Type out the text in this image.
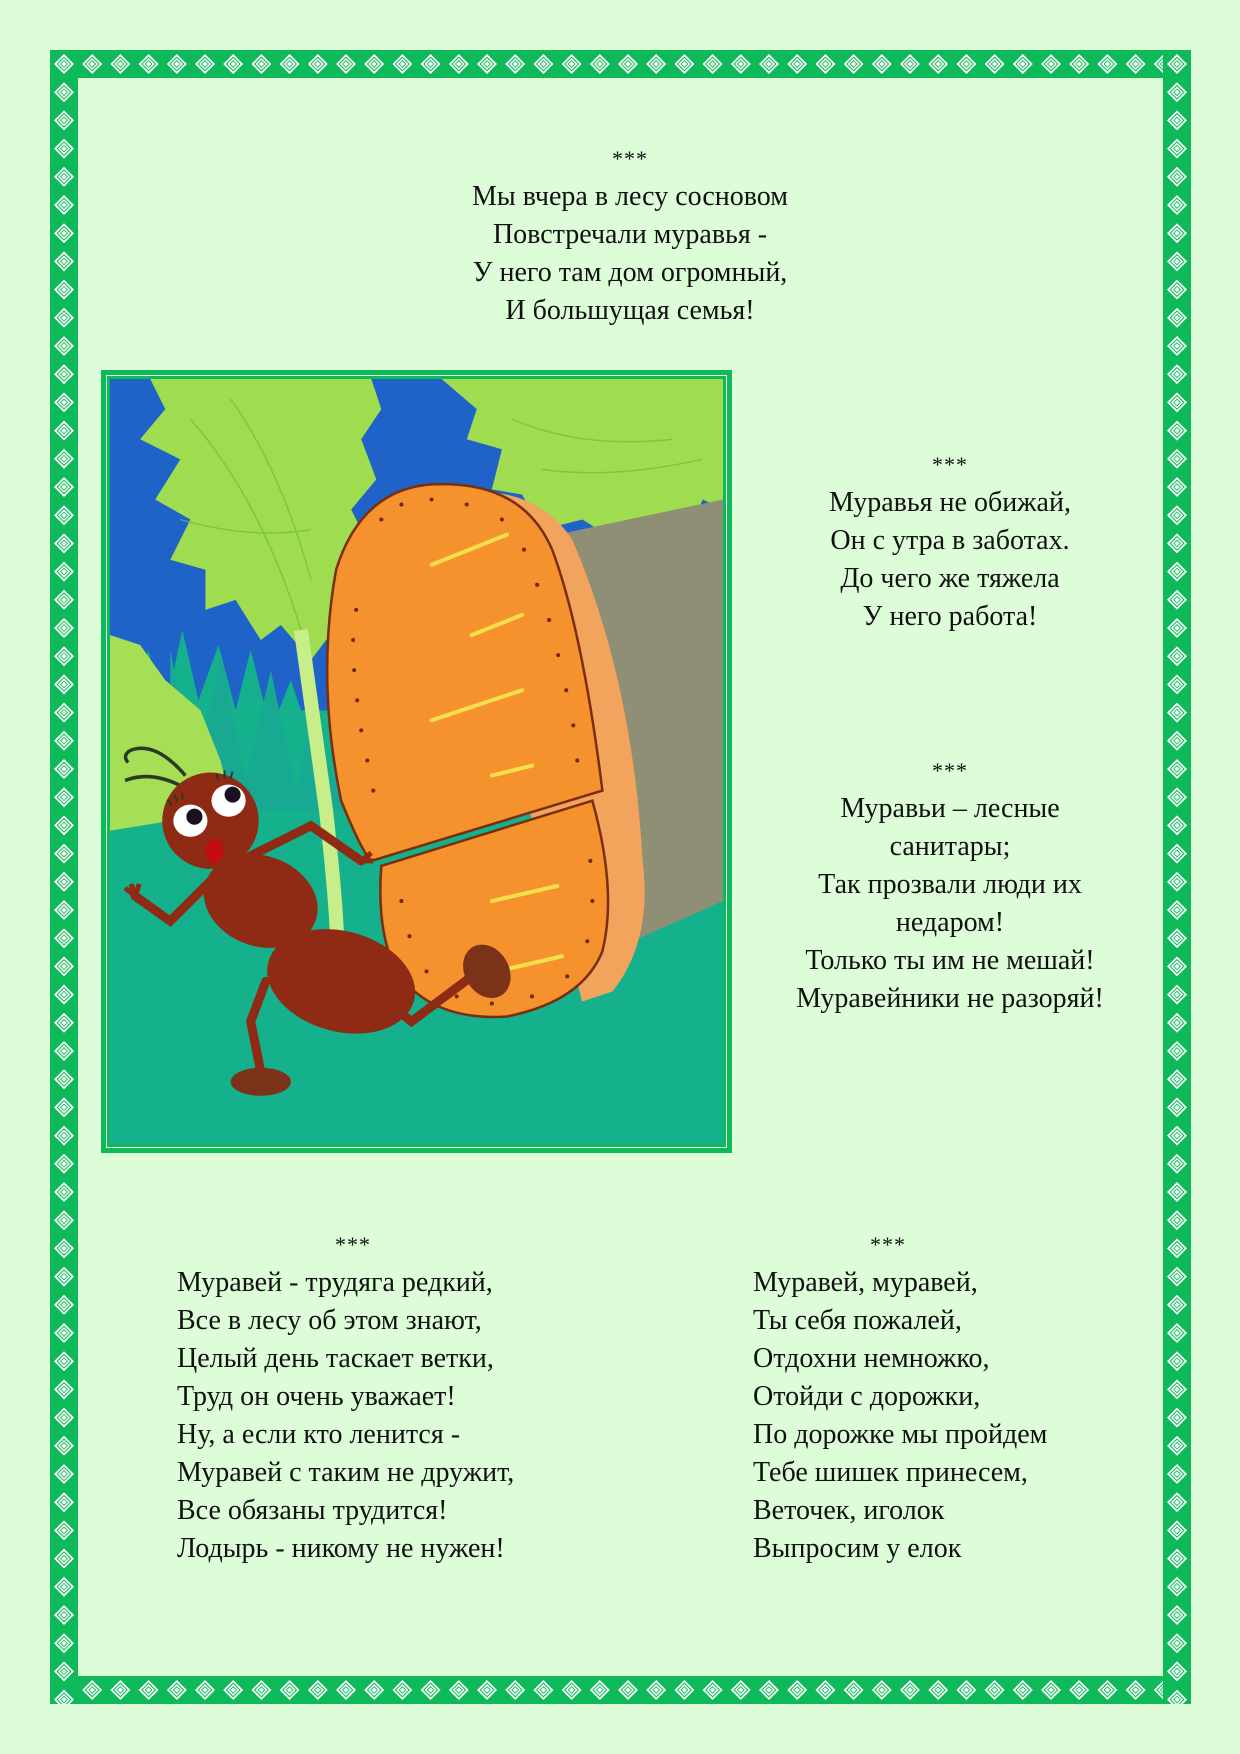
***
Мы вчера в лесу сосновом
Повстречали муравья -
У него там дом огромный,
И большущая семья!
***
Муравья не обижай,
Он с утра в заботах.
До чего же тяжела
У него работа!
***
Муравьи – лесные
санитары;
Так прозвали люди их
недаром!
Только ты им не мешай!
Муравейники не разоряй!
***
Муравей - трудяга редкий,
Все в лесу об этом знают,
Целый день таскает ветки,
Труд он очень уважает!
Ну, а если кто ленится -
Муравей с таким не дружит,
Все обязаны трудится!
Лодырь - никому не нужен!
***
Муравей, муравей,
Ты себя пожалей,
Отдохни немножко,
Отойди с дорожки,
По дорожке мы пройдем
Тебе шишек принесем,
Веточек, иголок
Выпросим у елок
